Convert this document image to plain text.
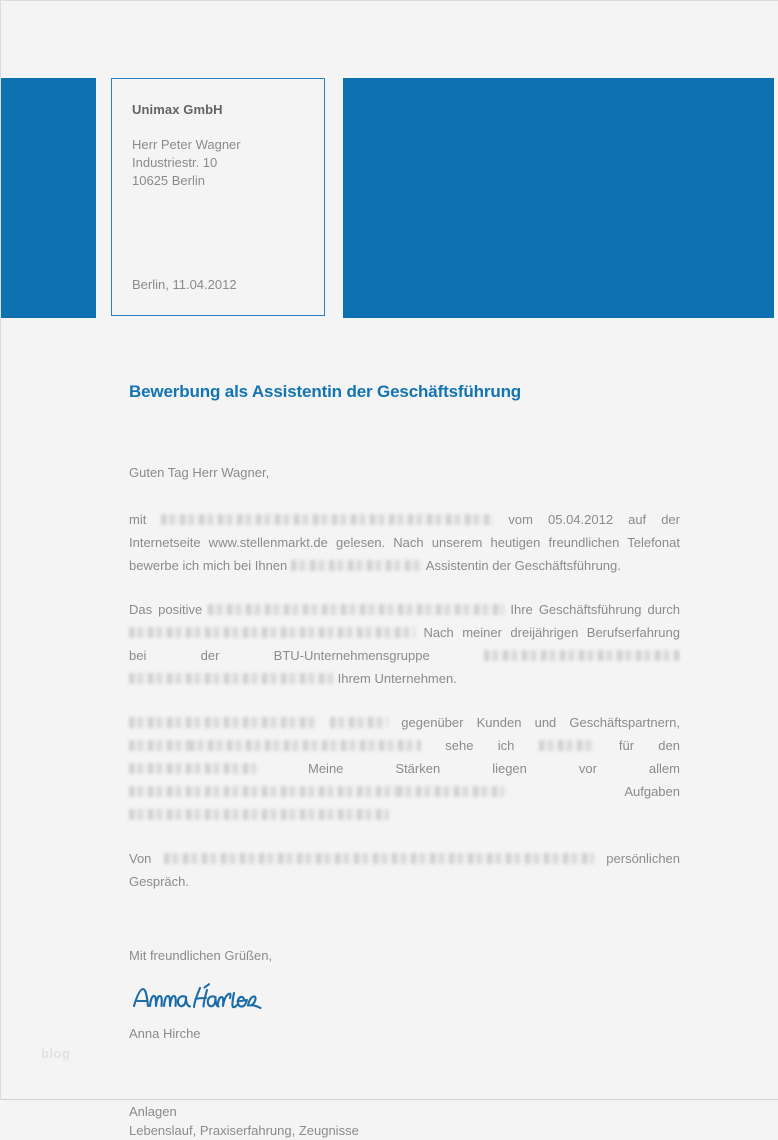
Unimax GmbH
Herr Peter Wagner
Industriestr. 10
10625 Berlin
Berlin, 11.04.2012
Bewerbung als Assistentin der Geschäftsführung

Guten Tag Herr Wagner,

mit	vom 05.04.2012 auf der Internetseite www.stellenmarkt.de gelesen. Nach unserem heutigen freundlichen Telefonat bewerbe ich mich bei Ihnen	Assistentin der Geschäftsführung.

Das positive	Ihre Geschäftsführung durch  Nach meiner dreijährigen Berufserfahrung bei der BTU-Unternehmensgruppe  Ihrem Unternehmen.

gegenüber Kunden und Geschäftspartnern,  sehe ich	für den  Meine Stärken liegen vor allem  Aufgaben

Von	persönlichen Gespräch.

Mit freundlichen Grüßen,

Anna Hirche

Anlagen
Lebenslauf, Praxiserfahrung, Zeugnisse
blog
